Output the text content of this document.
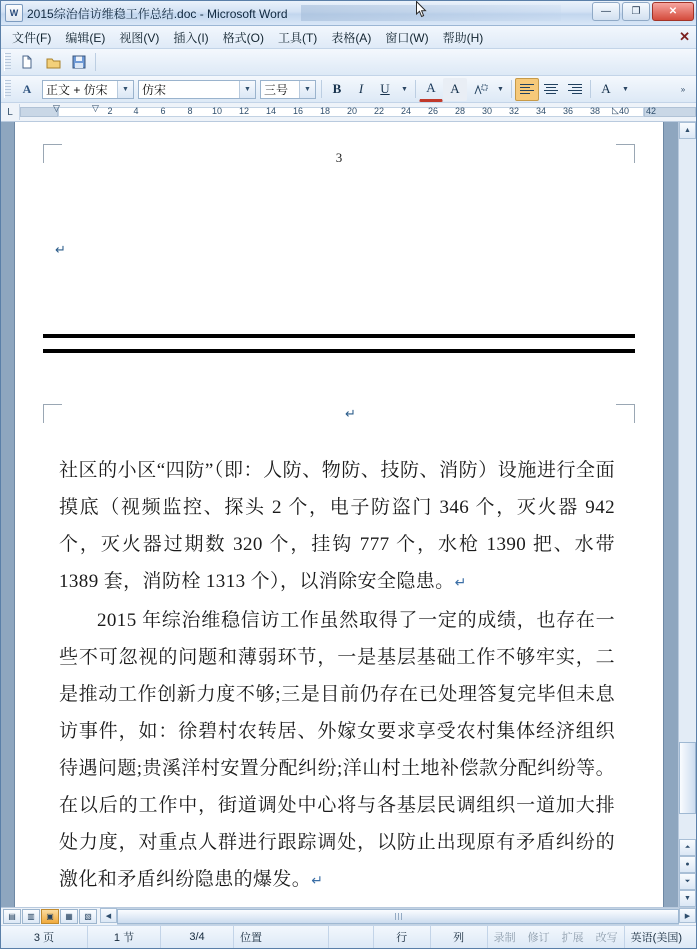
W 2015综治信访维稳工作总结.doc - Microsoft Word	—	❐	✕
文件(F)	编辑(E)	视图(V)	插入(I)	格式(O)	工具(T)	表格(A)	窗口(W)	帮助(H)	✕
A 正文 + 仿宋	▼	仿宋	▼	三号	▼	B	I	U	▼	A	A	▼	A	▼	»
L	▽	▽ 2 4 6 8 10 12 14 16 18 20 22 24 26 28 30 32 34 36 38 40 42
◺
3
↵
↵

社区的小区“四防”（即：人防、物防、技防、消防）设施进行全面摸底（视频监控、探头 2 个，电子防盗门 346 个，灭火器 942 个，灭火器过期数 320 个，挂钩 777 个，水枪 1390 把、水带 1389 套，消防栓 1313 个），以消除安全隐患。↵

2015 年综治维稳信访工作虽然取得了一定的成绩，也存在一些不可忽视的问题和薄弱环节，一是基层基础工作不够牢实，二是推动工作创新力度不够;三是目前仍存在已处理答复完毕但未息访事件，如：徐碧村农转居、外嫁女要求享受农村集体经济组织待遇问题;贵溪洋村安置分配纠纷;洋山村土地补偿款分配纠纷等。在以后的工作中，街道调处中心将与各基层民调组织一道加大排处力度，对重点人群进行跟踪调处，以防止出现原有矛盾纠纷的激化和矛盾纠纷隐患的爆发。↵

▲
⏶
●
⏷
▼
▤	▥	▣	▦	▧	◀	▶
3 页	1 节	3/4	位置	行	列	录制	修订	扩展	改写	英语(美国)
